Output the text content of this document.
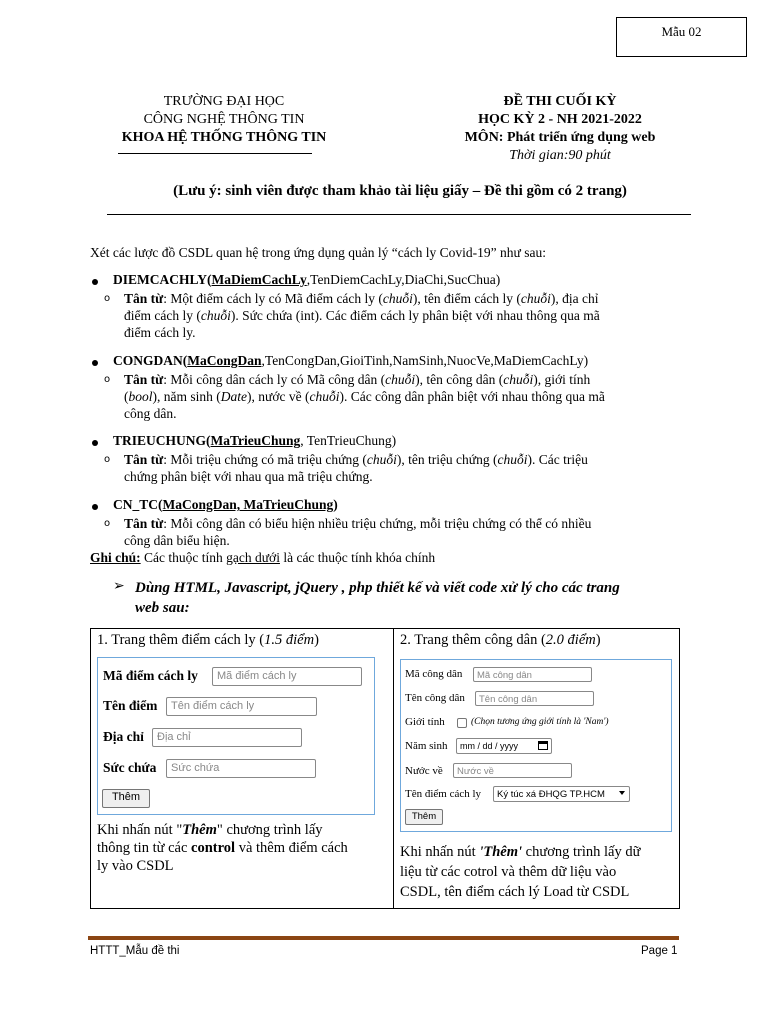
Mẫu 02
TRƯỜNG ĐẠI HỌC
CÔNG NGHỆ THÔNG TIN
KHOA HỆ THỐNG THÔNG TIN
ĐỀ THI CUỐI KỲ
HỌC KỲ 2 - NH 2021-2022
MÔN: Phát triển ứng dụng web
Thời gian:90 phút
(Lưu ý: sinh viên được tham khảo tài liệu giấy – Đề thi gồm có 2 trang)
Xét các lược đồ CSDL quan hệ trong ứng dụng quản lý “cách ly Covid-19” như sau:
DIEMCACHLY(MaDiemCachLy,TenDiemCachLy,DiaChi,SucChua)
o Tân từ: Một điểm cách ly có Mã điểm cách ly (chuỗi), tên điểm cách ly (chuỗi), địa chỉ
điểm cách ly (chuỗi). Sức chứa (int). Các điểm cách ly phân biệt với nhau thông qua mã
điểm cách ly.
CONGDAN(MaCongDan,TenCongDan,GioiTinh,NamSinh,NuocVe,MaDiemCachLy)
o Tân từ: Mỗi công dân cách ly có Mã công dân (chuỗi), tên công dân (chuỗi), giới tính
(bool), năm sinh (Date), nước về (chuỗi). Các công dân phân biệt với nhau thông qua mã
công dân.
TRIEUCHUNG(MaTrieuChung, TenTrieuChung)
o Tân từ: Mỗi triệu chứng có mã triệu chứng (chuỗi), tên triệu chứng (chuỗi). Các triệu
chứng phân biệt với nhau qua mã triệu chứng.
CN_TC(MaCongDan, MaTrieuChung)
o Tân từ: Mỗi công dân có biểu hiện nhiều triệu chứng, mỗi triệu chứng có thể có nhiều
công dân biểu hiện.
Ghi chú: Các thuộc tính gạch dưới là các thuộc tính khóa chính
➢ Dùng HTML, Javascript, jQuery , php thiết kế và viết code xử lý cho các trang
web sau:
1. Trang thêm điểm cách ly (1.5 điểm)
Mã điểm cách ly	Mã điểm cách ly
Tên điểm	Tên điểm cách ly
Địa chỉ	Địa chỉ
Sức chứa	Sức chứa
Thêm
Khi nhấn nút "Thêm" chương trình lấy
thông tin từ các control và thêm điểm cách
ly vào CSDL
2. Trang thêm công dân (2.0 điểm)
Mã công dân	Mã công dân
Tên công dân	Tên công dân
Giới tính	(Chọn tương ứng giới tính là 'Nam')
Năm sinh	mm / dd / yyyy
Nước về	Nước về
Tên điểm cách ly	Ký túc xá ĐHQG TP.HCM
Thêm
Khi nhấn nút 'Thêm' chương trình lấy dữ
liệu từ các cotrol và thêm dữ liệu vào
CSDL, tên điểm cách lý Load từ CSDL
HTTT_Mẫu đề thi	Page 1
